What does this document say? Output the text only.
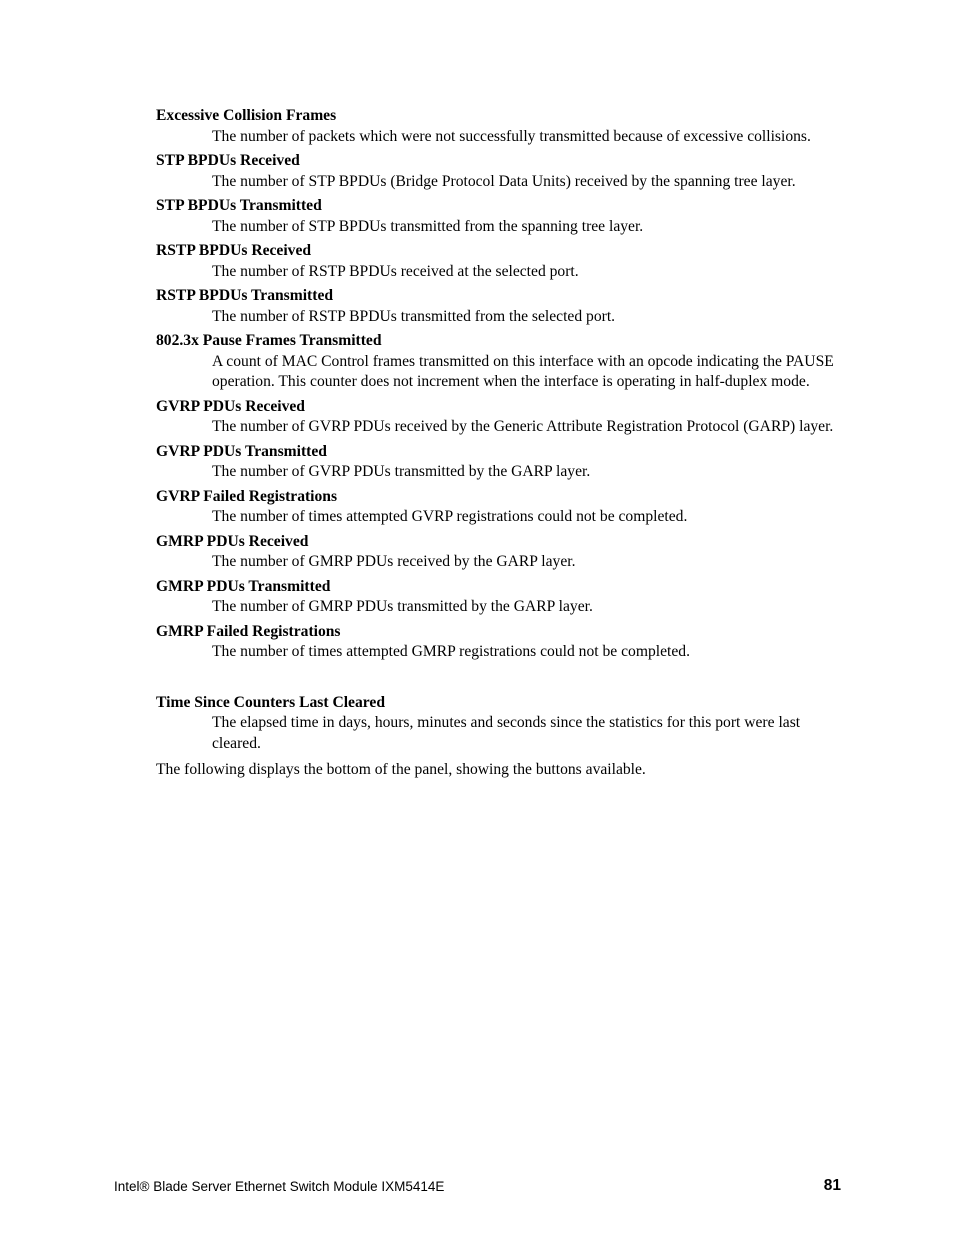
Excessive Collision Frames
The number of packets which were not successfully transmitted because of excessive collisions.
STP BPDUs Received
The number of STP BPDUs (Bridge Protocol Data Units) received by the spanning tree layer.
STP BPDUs Transmitted
The number of STP BPDUs transmitted from the spanning tree layer.
RSTP BPDUs Received
The number of RSTP BPDUs received at the selected port.
RSTP BPDUs Transmitted
The number of RSTP BPDUs transmitted from the selected port.
802.3x Pause Frames Transmitted
A count of MAC Control frames transmitted on this interface with an opcode indicating the PAUSE operation. This counter does not increment when the interface is operating in half-duplex mode.
GVRP PDUs Received
The number of GVRP PDUs received by the Generic Attribute Registration Protocol (GARP) layer.
GVRP PDUs Transmitted
The number of GVRP PDUs transmitted by the GARP layer.
GVRP Failed Registrations
The number of times attempted GVRP registrations could not be completed.
GMRP PDUs Received
The number of GMRP PDUs received by the GARP layer.
GMRP PDUs Transmitted
The number of GMRP PDUs transmitted by the GARP layer.
GMRP Failed Registrations
The number of times attempted GMRP registrations could not be completed.
Time Since Counters Last Cleared
The elapsed time in days, hours, minutes and seconds since the statistics for this port were last cleared.

The following displays the bottom of the panel, showing the buttons available.

Intel® Blade Server Ethernet Switch Module IXM5414E	81
